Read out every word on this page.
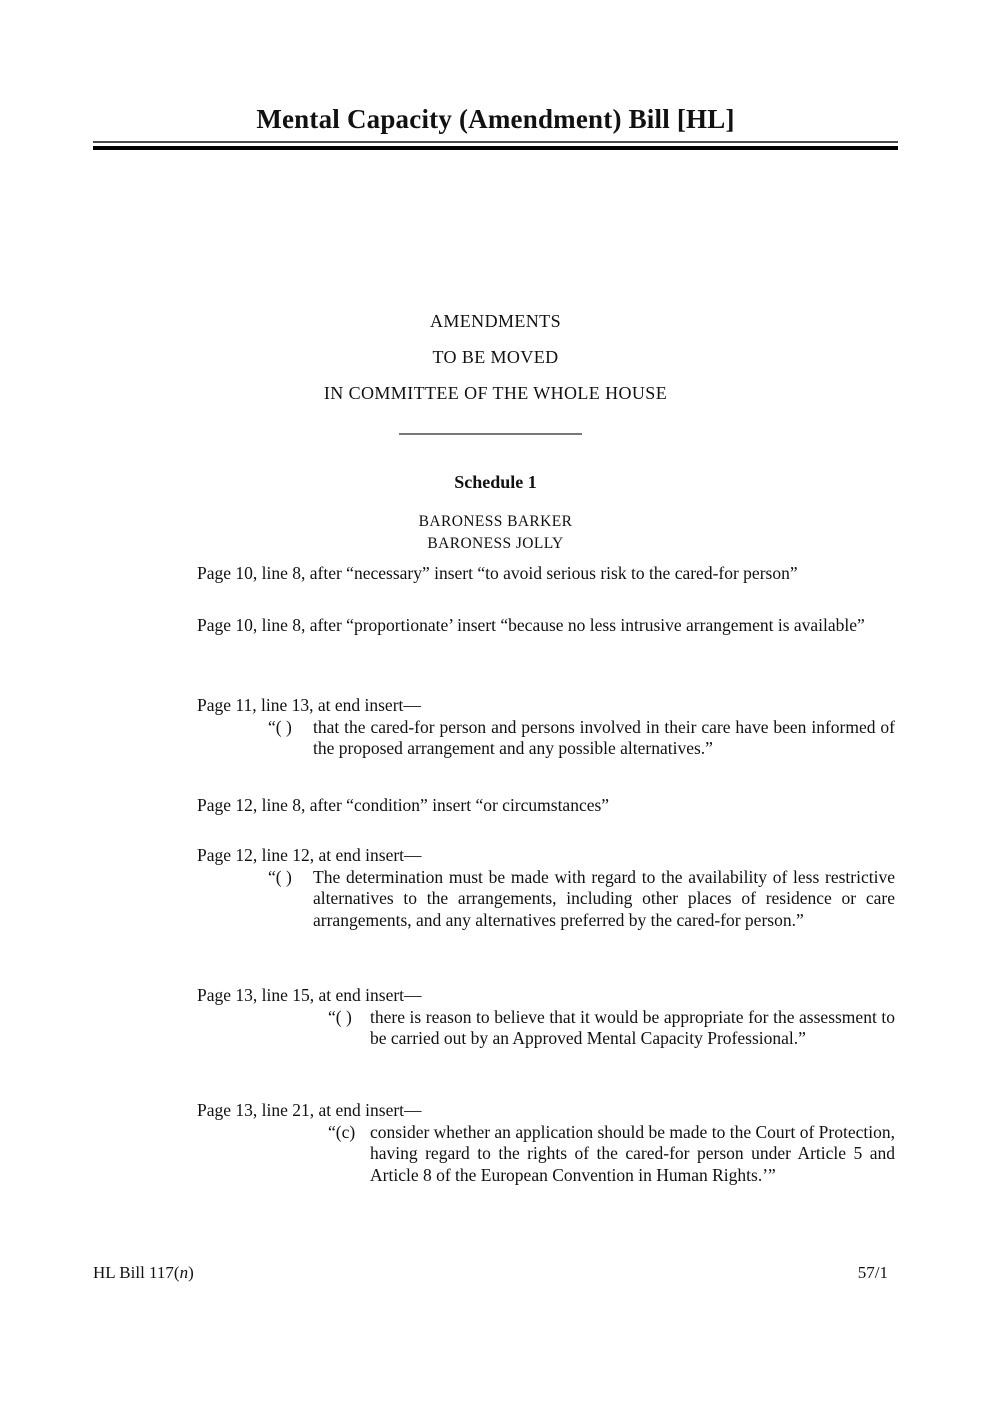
Mental Capacity (Amendment) Bill [HL]
AMENDMENTS
TO BE MOVED
IN COMMITTEE OF THE WHOLE HOUSE
Schedule 1
BARONESS BARKER
BARONESS JOLLY

Page 10, line 8, after “necessary” insert “to avoid serious risk to the cared-for person”

Page 10, line 8, after “proportionate’ insert “because no less intrusive arrangement is available”

Page 11, line 13, at end insert—

“( )	that the cared-for person and persons involved in their care have been informed of the proposed arrangement and any possible alternatives.”

Page 12, line 8, after “condition” insert “or circumstances”

Page 12, line 12, at end insert—

“( )	The determination must be made with regard to the availability of less restrictive alternatives to the arrangements, including other places of residence or care arrangements, and any alternatives preferred by the cared-for person.”

Page 13, line 15, at end insert—

“( )	there is reason to believe that it would be appropriate for the assessment to be carried out by an Approved Mental Capacity Professional.”

Page 13, line 21, at end insert—

“(c) consider whether an application should be made to the Court of Protection, having regard to the rights of the cared-for person under Article 5 and Article 8 of the European Convention in Human Rights.’”
HL Bill 117(n)	57/1
